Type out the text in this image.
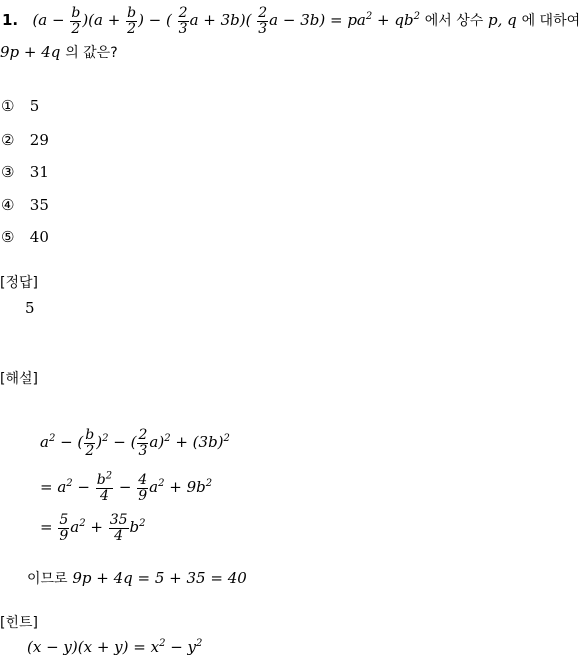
1.   $(a - \frac{b}{2} )(a + \frac{b}{2}$ ) − ( $\frac{2}{3}$ $a + 3b)( \frac{2}{3}$ $a - 3b) = pa^2 + qb^2$ 에서 상수 p, q 에 대하여
9p + 4q 의 값은?
① 5
② 29
③ 31
④ 35
⑤ 40
[정답]
5
[해설]
$a^2$ − ( $\frac{b}{2} )^2$ − ( $\frac{2}{3} a)^2 + (3b)^2$
= $a^2 - \frac{b^2}{4} - \frac{4}{9} a^2 + 9b^2$
= $\frac{5}{9} a^2 + \frac{35}{4} b^2$
이므로 9p + 4q = 5 + 35 = 40
[힌트]
$(x - y)(x + y) = x^2 - y^2$
